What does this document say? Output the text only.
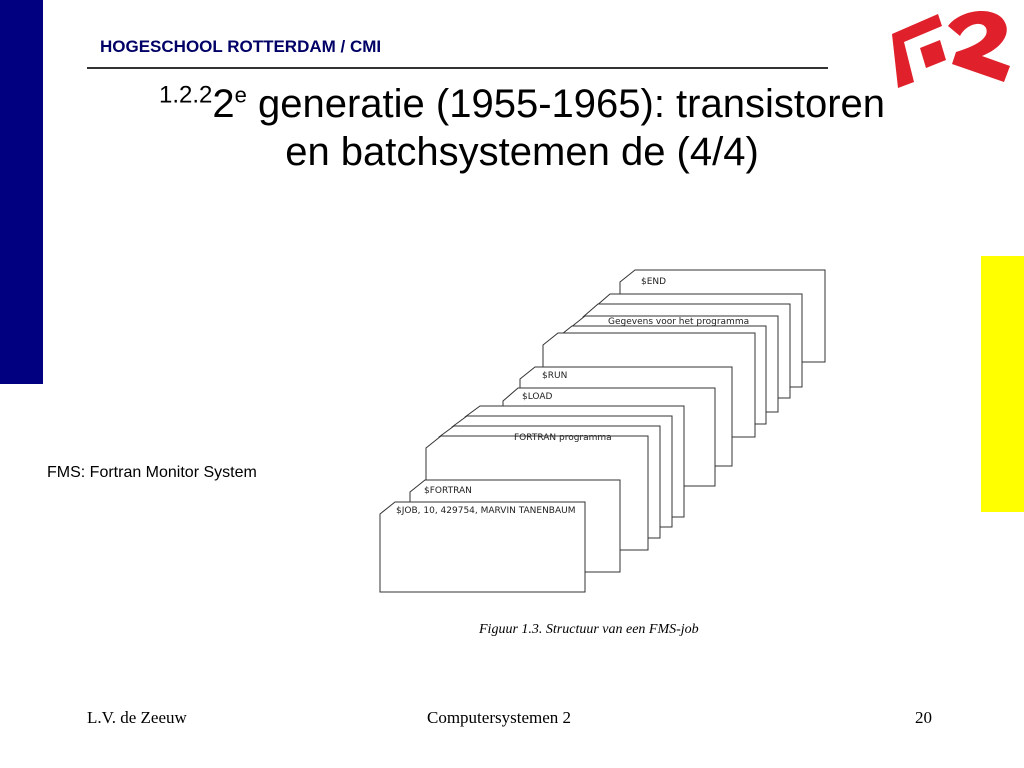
HOGESCHOOL ROTTERDAM / CMI
$^{1.2.2}$2e generatie (1955-1965): transistoren
en batchsystemen de (4/4)
FMS: Fortran Monitor System
$END
Gegevens voor het programma
$RUN
$LOAD
FORTRAN programma
$FORTRAN
$JOB, 10, 429754, MARVIN TANENBAUM
Figuur 1.3. Structuur van een FMS-job
L.V. de Zeeuw	Computersystemen 2	20
